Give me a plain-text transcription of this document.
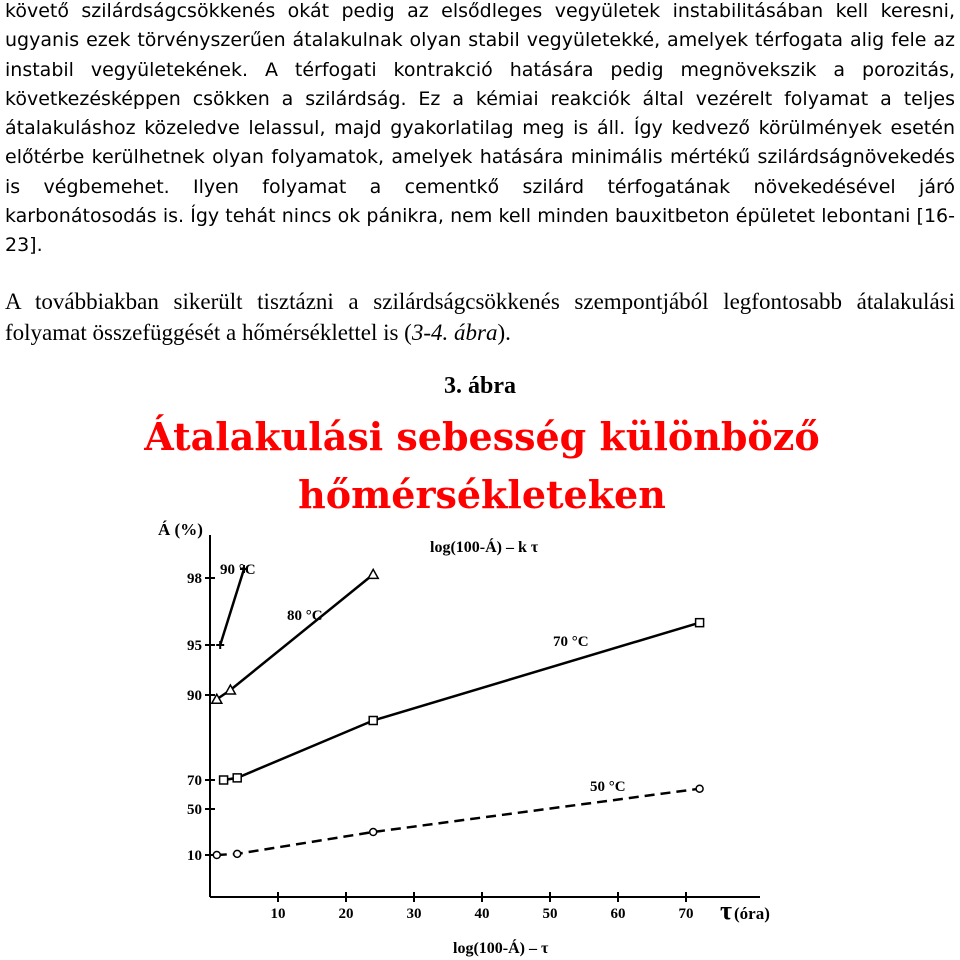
követő szilárdságcsökkenés okát pedig az elsődleges vegyületek instabilitásában kell keresni, ugyanis ezek törvényszerűen átalakulnak olyan stabil vegyületekké, amelyek térfogata alig fele az instabil vegyületekének. A térfogati kontrakció hatására pedig megnövekszik a porozitás, következésképpen csökken a szilárdság. Ez a kémiai reakciók által vezérelt folyamat a teljes átalakuláshoz közeledve lelassul, majd gyakorlatilag meg is áll. Így kedvező körülmények esetén előtérbe kerülhetnek olyan folyamatok, amelyek hatására minimális mértékű szilárdságnövekedés is végbemehet. Ilyen folyamat a cementkő szilárd térfogatának növekedésével járó karbonátosodás is. Így tehát nincs ok pánikra, nem kell minden bauxitbeton épületet lebontani [16-23].
A továbbiakban sikerült tisztázni a szilárdságcsökkenés szempontjából legfontosabb átalakulási folyamat összefüggését a hőmérséklettel is (3-4. ábra).
3. ábra
Átalakulási sebesség különböző
hőmérsékleteken
Á (%)
log(100-Á) – k τ
log(100-Á) – τ
10
50
70
90
95
98
10	20	30	40	50	60	70 τ (óra)
90 °C
80 °C
70 °C
50 °C
